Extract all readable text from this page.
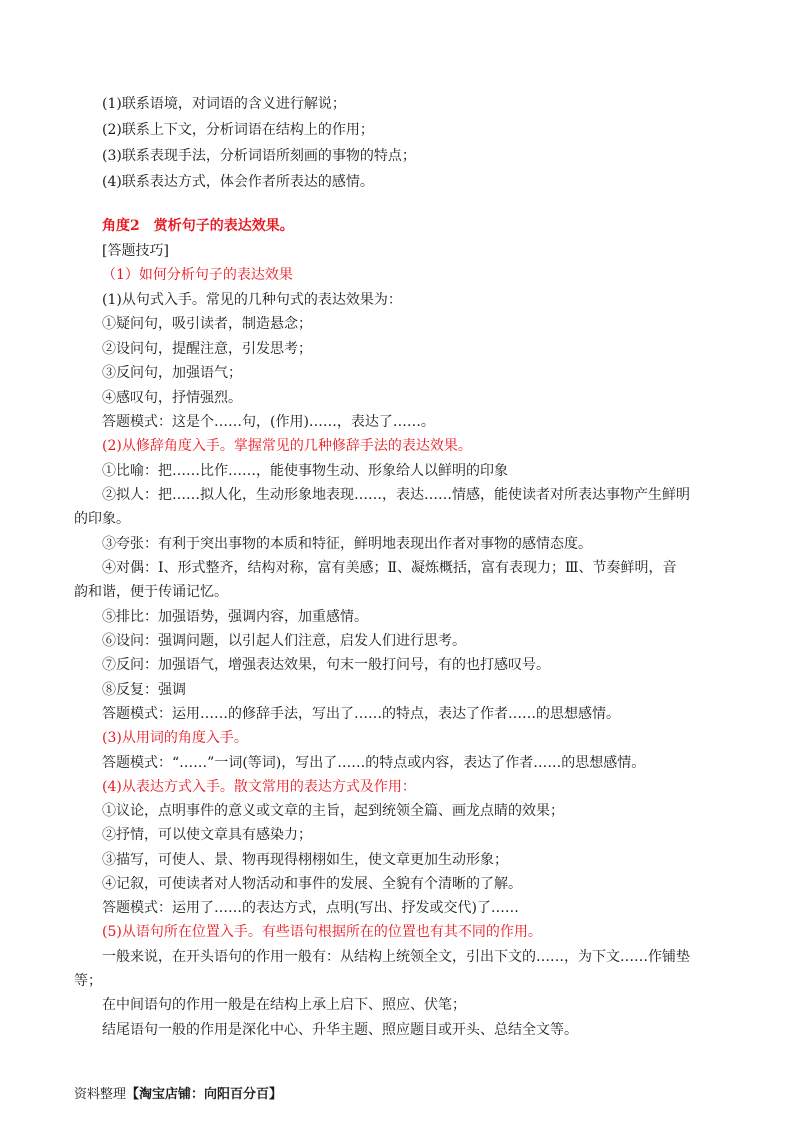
(1)联系语境，对词语的含义进行解说；
(2)联系上下文，分析词语在结构上的作用；
(3)联系表现手法，分析词语所刻画的事物的特点；
(4)联系表达方式，体会作者所表达的感情。
角度2　赏析句子的表达效果。
[答题技巧]
（1）如何分析句子的表达效果
(1)从句式入手。常见的几种句式的表达效果为：
①疑问句，吸引读者，制造悬念；
②设问句，提醒注意，引发思考；
③反问句，加强语气；
④感叹句，抒情强烈。
答题模式：这是个……句，(作用)……，表达了……。
(2)从修辞角度入手。掌握常见的几种修辞手法的表达效果。
①比喻：把……比作……，能使事物生动、形象给人以鲜明的印象
②拟人：把……拟人化，生动形象地表现……，表达……情感，能使读者对所表达事物产生鲜明
的印象。
③夸张：有利于突出事物的本质和特征，鲜明地表现出作者对事物的感情态度。
④对偶：Ⅰ、形式整齐，结构对称，富有美感；Ⅱ、凝炼概括，富有表现力；Ⅲ、节奏鲜明，音
韵和谐，便于传诵记忆。
⑤排比：加强语势，强调内容，加重感情。
⑥设问：强调问题，以引起人们注意，启发人们进行思考。
⑦反问：加强语气，增强表达效果，句末一般打问号，有的也打感叹号。
⑧反复：强调
答题模式：运用……的修辞手法，写出了……的特点，表达了作者……的思想感情。
(3)从用词的角度入手。
答题模式：“……”一词(等词)，写出了……的特点或内容，表达了作者……的思想感情。
(4)从表达方式入手。散文常用的表达方式及作用：
①议论，点明事件的意义或文章的主旨，起到统领全篇、画龙点睛的效果；
②抒情，可以使文章具有感染力；
③描写，可使人、景、物再现得栩栩如生，使文章更加生动形象；
④记叙，可使读者对人物活动和事件的发展、全貌有个清晰的了解。
答题模式：运用了……的表达方式，点明(写出、抒发或交代)了……
(5)从语句所在位置入手。有些语句根据所在的位置也有其不同的作用。
一般来说，在开头语句的作用一般有：从结构上统领全文，引出下文的……，为下文……作铺垫
等；
在中间语句的作用一般是在结构上承上启下、照应、伏笔；
结尾语句一般的作用是深化中心、升华主题、照应题目或开头、总结全文等。
资料整理【淘宝店铺：向阳百分百】
